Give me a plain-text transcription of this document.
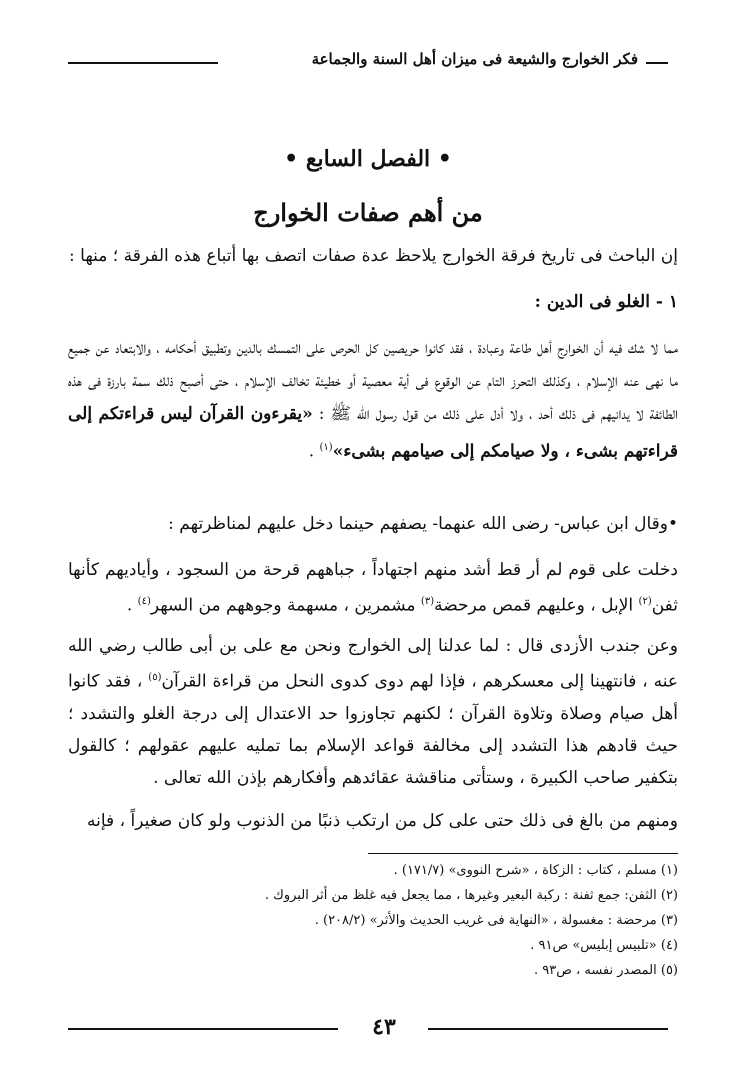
فكر الخوارج والشيعة فى ميزان أهل السنة والجماعة
• الفصل السابع •
من أهم صفات الخوارج
إن الباحث فى تاريخ فرقة الخوارج يلاحظ عدة صفات اتصف بها أتباع هذه الفرقة ؛ منها :
١ - الغلو فى الدين :
مما لا شك فيه أن الخوارج أهل طاعة وعبادة ، فقد كانوا حريصين كل الحرص على التمسك بالدين وتطبيق أحكامه ، والابتعاد عن جميع ما نهى عنه الإسلام ، وكذلك التحرز التام عن الوقوع فى أية معصية أو خطيئة تخالف الإسلام ، حتى أصبح ذلك سمة بارزة فى هذه الطائفة لا يدانيهم فى ذلك أحد ، ولا أدل على ذلك من قول رسول الله ﷺ : «يقرءون القرآن ليس قراءتكم إلى قراءتهم بشىء ، ولا صيامكم إلى صيامهم بشىء»$^{(١)}$ .
•وقال ابن عباس- رضى الله عنهما- يصفهم حينما دخل عليهم لمناظرتهم :
دخلت على قوم لم أر قط أشد منهم اجتهاداً ، جباههم قرحة من السجود ، وأياديهم كأنها ثفن$^{(٢)}$ الإبل ، وعليهم قمص مرحضة$^{(٣)}$ مشمرين ، مسهمة وجوههم من السهر$^{(٤)}$ .
وعن جندب الأزدى قال : لما عدلنا إلى الخوارج ونحن مع على بن أبى طالب رضي الله عنه ، فانتهينا إلى معسكرهم ، فإذا لهم دوى كدوى النحل من قراءة القرآن$^{(٥)}$ ، فقد كانوا أهل صيام وصلاة وتلاوة القرآن ؛ لكنهم تجاوزوا حد الاعتدال إلى درجة الغلو والتشدد ؛ حيث قادهم هذا التشدد إلى مخالفة قواعد الإسلام بما تمليه عليهم عقولهم ؛ كالقول بتكفير صاحب الكبيرة ، وستأتى مناقشة عقائدهم وأفكارهم بإذن الله تعالى .
ومنهم من بالغ فى ذلك حتى على كل من ارتكب ذنبًا من الذنوب ولو كان صغيراً ، فإنه
(١) مسلم ، كتاب : الزكاة ، «شرح النووى» (١٧١/٧) .
(٢) الثفن: جمع ثفنة : ركبة البعير وغيرها ، مما يجعل فيه غلظ من أثر البروك .
(٣) مرحضة : مغسولة ، «النهاية فى غريب الحديث والأثر» (٢٠٨/٢) .
(٤) «تلبيس إبليس» ص٩١ .
(٥) المصدر نفسه ، ص٩٣ .
٤٣
